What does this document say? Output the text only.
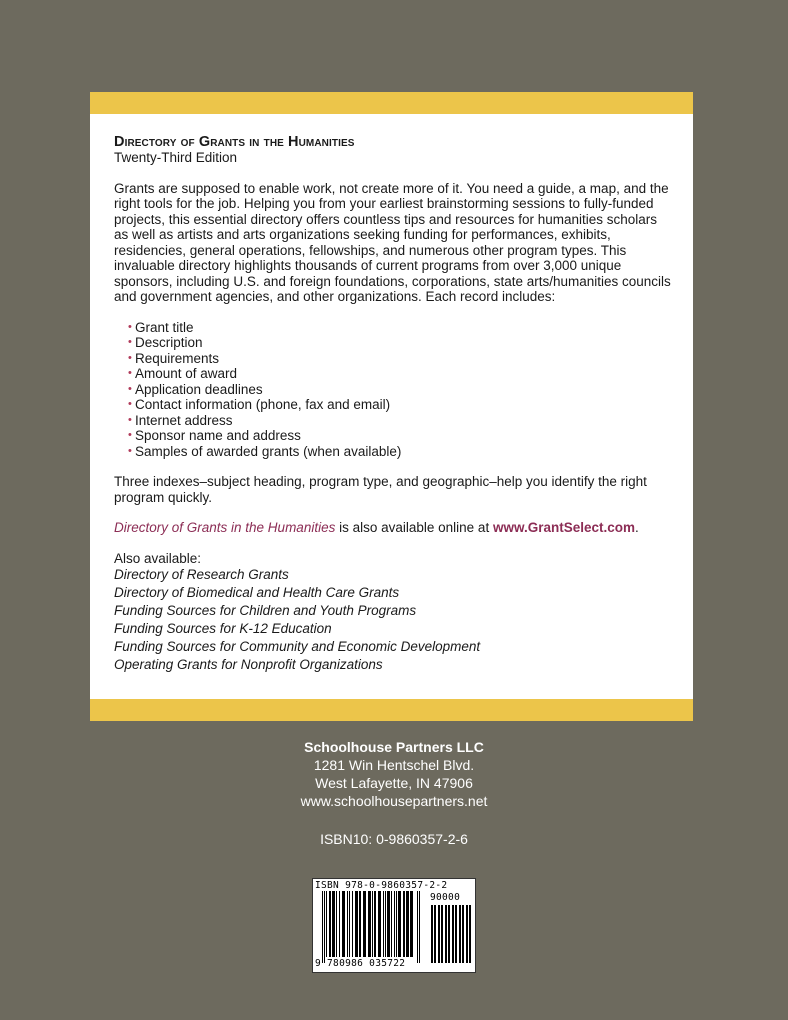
Directory of Grants in the Humanities
Twenty-Third Edition
Grants are supposed to enable work, not create more of it. You need a guide, a map, and the right tools for the job. Helping you from your earliest brainstorming sessions to fully-funded projects, this essential directory offers countless tips and resources for humanities scholars as well as artists and arts organizations seeking funding for performances, exhibits, residencies, general operations, fellowships, and numerous other program types. This invaluable directory highlights thousands of current programs from over 3,000 unique sponsors, including U.S. and foreign foundations, corporations, state arts/humanities councils and government agencies, and other organizations. Each record includes:
• Grant title
• Description
• Requirements
• Amount of award
• Application deadlines
• Contact information (phone, fax and email)
• Internet address
• Sponsor name and address
• Samples of awarded grants (when available)
Three indexes–subject heading, program type, and geographic–help you identify the right program quickly.
Directory of Grants in the Humanities is also available online at www.GrantSelect.com.
Also available:
Directory of Research Grants
Directory of Biomedical and Health Care Grants
Funding Sources for Children and Youth Programs
Funding Sources for K-12 Education
Funding Sources for Community and Economic Development
Operating Grants for Nonprofit Organizations
Schoolhouse Partners LLC
1281 Win Hentschel Blvd.
West Lafayette, IN 47906
www.schoolhousepartners.net
ISBN10: 0-9860357-2-6
ISBN 978-0-9860357-2-2
90000
9 780986 035722
